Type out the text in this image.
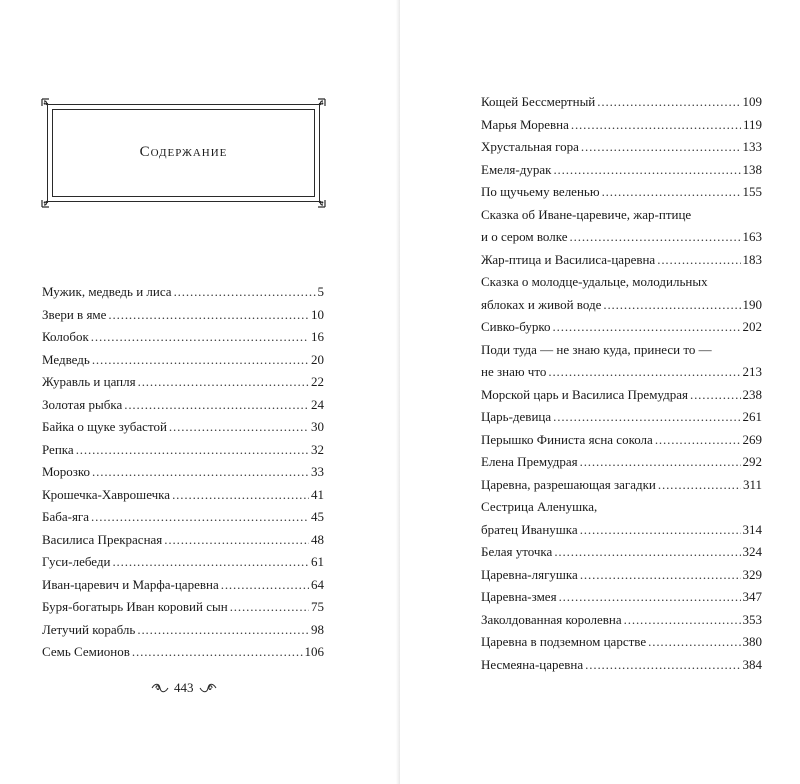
Содержание
Мужик, медведь и лиса . . .	5
Звери в яме . . .	10
Колобок . . .	16
Медведь . . .	20
Журавль и цапля . . .	22
Золотая рыбка . . .	24
Байка о щуке зубастой . . .	30
Репка . . .	32
Морозко . . .	33
Крошечка-Хаврошечка . . .	41
Баба-яга . . .	45
Василиса Прекрасная . . .	48
Гуси-лебеди . . .	61
Иван-царевич и Марфа-царевна . . .	64
Буря-богатырь Иван коровий сын . . .	75
Летучий корабль . . .	98
Семь Семионов . . .	106
443
Кощей Бессмертный . . .	109
Марья Моревна . . .	119
Хрустальная гора . . .	133
Емеля-дурак . . .	138
По щучьему веленью . . .	155
Сказка об Иване-царевиче, жар-птице
и о сером волке . . .	163
Жар-птица и Василиса-царевна . . .	183
Сказка о молодце-удальце, молодильных
яблоках и живой воде . . .	190
Сивко-бурко . . .	202
Поди туда — не знаю куда, принеси то —
не знаю что . . .	213
Морской царь и Василиса Премудрая . . .	238
Царь-девица . . .	261
Перышко Финиста ясна сокола . . .	269
Елена Премудрая . . .	292
Царевна, разрешающая загадки . . .	311
Сестрица Аленушка,
братец Иванушка . . .	314
Белая уточка . . .	324
Царевна-лягушка . . .	329
Царевна-змея . . .	347
Заколдованная королевна . . .	353
Царевна в подземном царстве . . .	380
Несмеяна-царевна . . .	384
